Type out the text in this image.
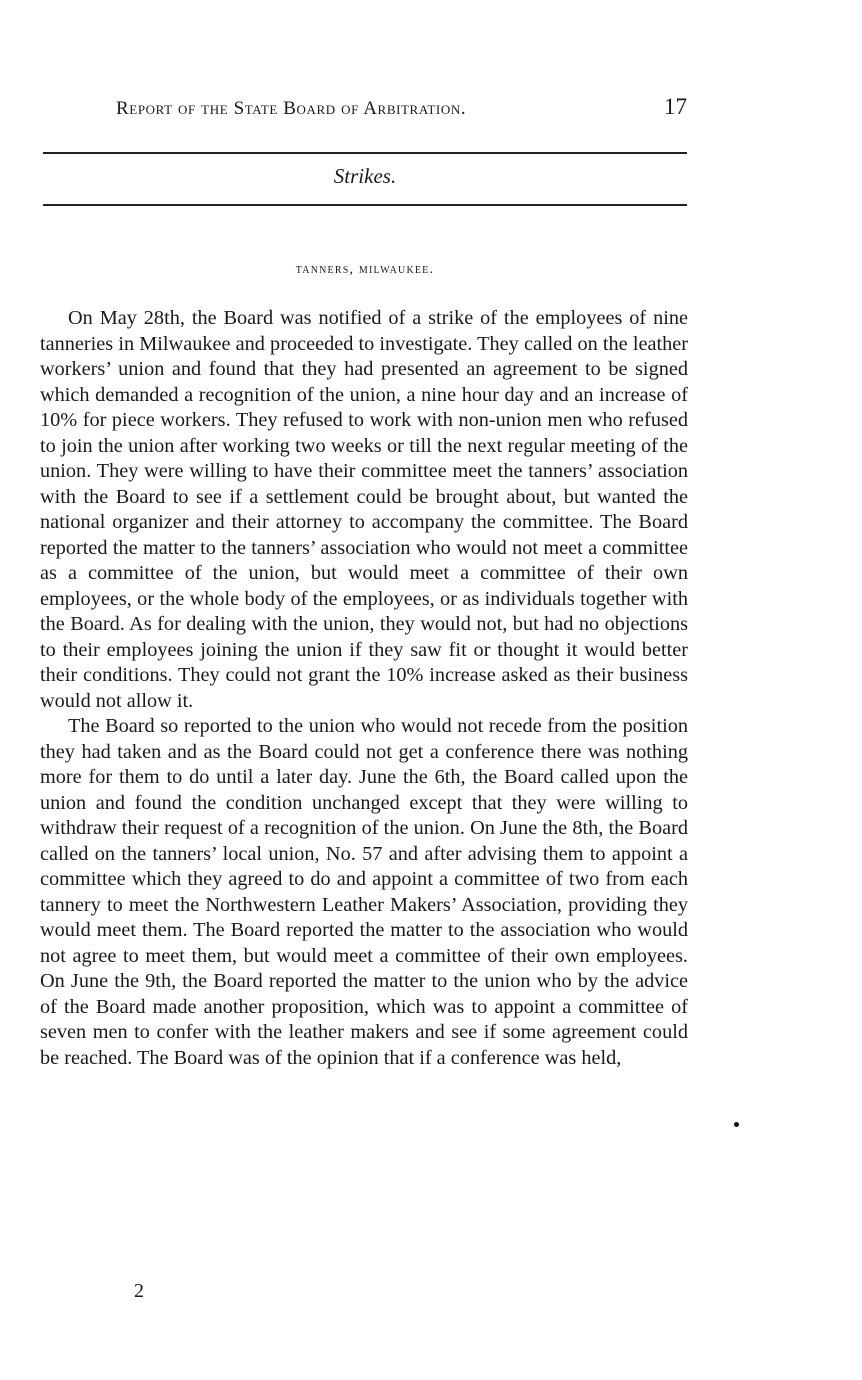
Report of the State Board of Arbitration.	17
Strikes.
tanners, milwaukee.

On May 28th, the Board was notified of a strike of the employees of nine tanneries in Milwaukee and proceeded to investigate. They called on the leather workers’ union and found that they had presented an agreement to be signed which demanded a recognition of the union, a nine hour day and an increase of 10% for piece workers. They refused to work with non-union men who refused to join the union after working two weeks or till the next regular meeting of the union. They were willing to have their committee meet the tanners’ association with the Board to see if a settlement could be brought about, but wanted the national organizer and their attorney to accompany the committee. The Board reported the matter to the tanners’ association who would not meet a committee as a committee of the union, but would meet a committee of their own employees, or the whole body of the employees, or as individuals together with the Board. As for dealing with the union, they would not, but had no objections to their employees joining the union if they saw fit or thought it would better their conditions. They could not grant the 10% increase asked as their business would not allow it.

The Board so reported to the union who would not recede from the position they had taken and as the Board could not get a conference there was nothing more for them to do until a later day. June the 6th, the Board called upon the union and found the condition unchanged except that they were willing to withdraw their request of a recognition of the union. On June the 8th, the Board called on the tanners’ local union, No. 57 and after advising them to appoint a committee which they agreed to do and appoint a committee of two from each tannery to meet the Northwestern Leather Makers’ Association, providing they would meet them. The Board reported the matter to the association who would not agree to meet them, but would meet a committee of their own employees. On June the 9th, the Board reported the matter to the union who by the advice of the Board made another proposition, which was to appoint a committee of seven men to confer with the leather makers and see if some agreement could be reached. The Board was of the opinion that if a conference was held,

2
